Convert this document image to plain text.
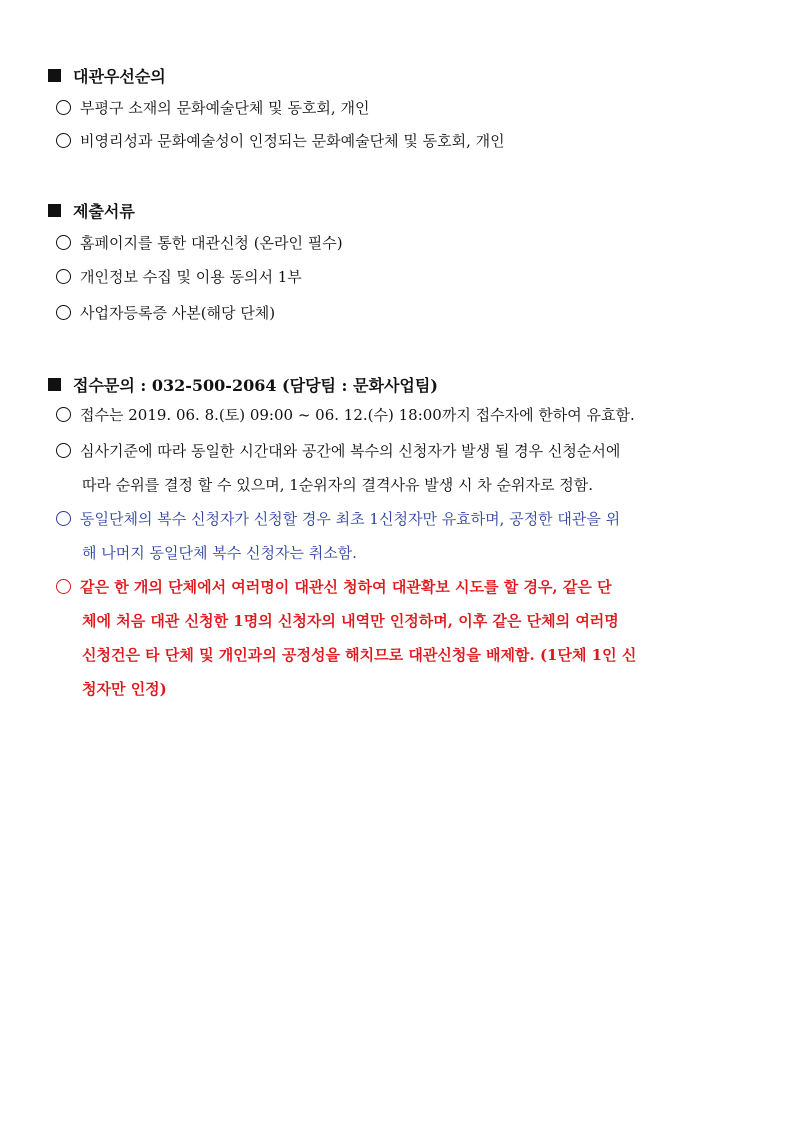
대관우선순의
부평구 소재의 문화예술단체 및 동호회, 개인
비영리성과 문화예술성이 인정되는 문화예술단체 및 동호회, 개인
제출서류
홈페이지를 통한 대관신청 (온라인 필수)
개인정보 수집 및 이용 동의서 1부
사업자등록증 사본(해당 단체)
접수문의 : 032-500-2064 (담당팀 : 문화사업팀)
접수는 2019. 06. 8.(토) 09:00 ~ 06. 12.(수) 18:00까지 접수자에 한하여 유효함.
심사기준에 따라 동일한 시간대와 공간에 복수의 신청자가 발생 될 경우 신청순서에
따라 순위를 결정 할 수 있으며, 1순위자의 결격사유 발생 시 차 순위자로 정함.
동일단체의 복수 신청자가 신청할 경우 최초 1신청자만 유효하며, 공정한 대관을 위
해 나머지 동일단체 복수 신청자는 취소함.
같은 한 개의 단체에서 여러명이 대관신 청하여 대관확보 시도를 할 경우, 같은 단
체에 처음 대관 신청한 1명의 신청자의 내역만 인정하며, 이후 같은 단체의 여러명
신청건은 타 단체 및 개인과의 공정성을 해치므로 대관신청을 배제함. (1단체 1인 신
청자만 인정)
